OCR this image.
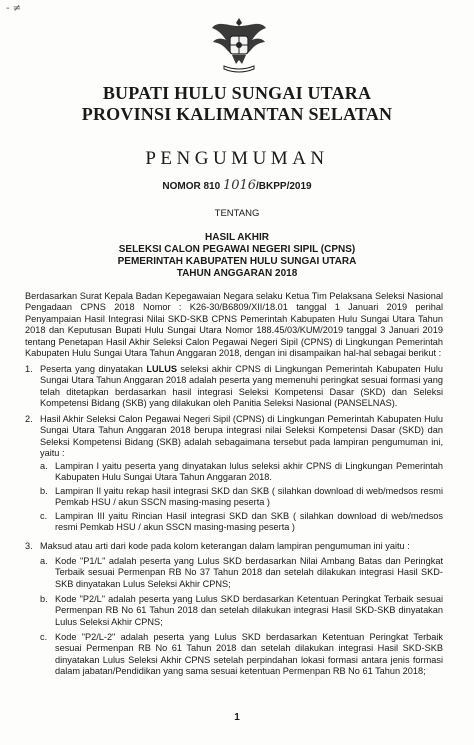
- ≠
BUPATI HULU SUNGAI UTARA
PROVINSI KALIMANTAN SELATAN
PENGUMUMAN
NOMOR 810 1016/BKPP/2019
TENTANG
HASIL AKHIR
SELEKSI CALON PEGAWAI NEGERI SIPIL (CPNS)
PEMERINTAH KABUPATEN HULU SUNGAI UTARA
TAHUN ANGGARAN 2018
Berdasarkan Surat Kepala Badan Kepegawaian Negara selaku Ketua Tim Pelaksana Seleksi Nasional Pengadaan CPNS 2018 Nomor : K26-30/B6809/XII/18.01 tanggal 1 Januari 2019 perihal Penyampaian Hasil Integrasi Nilai SKD-SKB CPNS Pemerintah Kabupaten Hulu Sungai Utara Tahun 2018 dan Keputusan Bupati Hulu Sungai Utara Nomor 188.45/03/KUM/2019 tanggal 3 Januari 2019 tentang Penetapan Hasil Akhir Seleksi Calon Pegawai Negeri Sipil (CPNS) di Lingkungan Pemerintah Kabupaten Hulu Sungai Utara Tahun Anggaran 2018, dengan ini disampaikan hal-hal sebagai berikut :
1. Peserta yang dinyatakan LULUS seleksi akhir CPNS di Lingkungan Pemerintah Kabupaten Hulu Sungai Utara Tahun Anggaran 2018 adalah peserta yang memenuhi peringkat sesuai formasi yang telah ditetapkan berdasarkan hasil integrasi Seleksi Kompetensi Dasar (SKD) dan Seleksi Kompetensi Bidang (SKB) yang dilakukan oleh Panitia Seleksi Nasional (PANSELNAS).
2. Hasil Akhir Seleksi Calon Pegawai Negeri Sipil (CPNS) di Lingkungan Pemerintah Kabupaten Hulu Sungai Utara Tahun Anggaran 2018 berupa integrasi nilai Seleksi Kompetensi Dasar (SKD) dan Seleksi Kompetensi Bidang (SKB) adalah sebagaimana tersebut pada lampiran pengumuman ini, yaitu :
a. Lampiran I yaitu peserta yang dinyatakan lulus seleksi akhir CPNS di Lingkungan Pemerintah Kabupaten Hulu Sungai Utara Tahun Anggaran 2018.
b. Lampiran II yaitu rekap hasil integrasi SKD dan SKB ( silahkan download di web/medsos resmi Pemkab HSU / akun SSCN masing-masing peserta )
c. Lampiran III yaitu Rincian Hasil integrasi SKD dan SKB ( silahkan download di web/medsos resmi Pemkab HSU / akun SSCN masing-masing peserta )
3. Maksud atau arti dari kode pada kolom keterangan dalam lampiran pengumuman ini yaitu :
a. Kode "P1/L" adalah peserta yang Lulus SKD berdasarkan Nilai Ambang Batas dan Peringkat Terbaik sesuai Permenpan RB No 37 Tahun 2018 dan setelah dilakukan integrasi Hasil SKD-SKB dinyatakan Lulus Seleksi Akhir CPNS;
b. Kode "P2/L" adalah peserta yang Lulus SKD berdasarkan Ketentuan Peringkat Terbaik sesuai Permenpan RB No 61 Tahun 2018 dan setelah dilakukan integrasi Hasil SKD-SKB dinyatakan Lulus Seleksi Akhir CPNS;
c. Kode "P2/L-2" adalah peserta yang Lulus SKD berdasarkan Ketentuan Peringkat Terbaik sesuai Permenpan RB No 61 Tahun 2018 dan setelah dilakukan integrasi Hasil SKD-SKB dinyatakan Lulus Seleksi Akhir CPNS setelah perpindahan lokasi formasi antara jenis formasi dalam jabatan/Pendidikan yang sama sesuai ketentuan Permenpan RB No 61 Tahun 2018;
1
